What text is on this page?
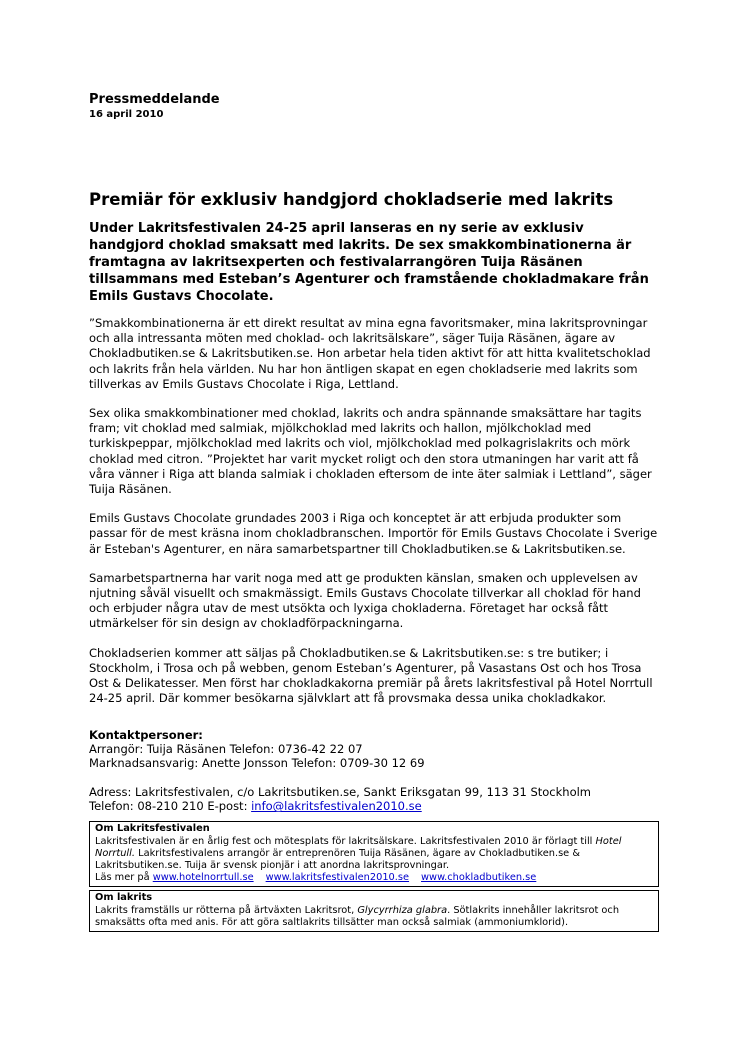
Pressmeddelande

16 april 2010

Premiär för exklusiv handgjord chokladserie med lakrits

Under Lakritsfestivalen 24-25 april lanseras en ny serie av exklusiv handgjord choklad smaksatt med lakrits. De sex smakkombinationerna är framtagna av lakritsexperten och festivalarrangören Tuija Räsänen tillsammans med Esteban’s Agenturer och framstående chokladmakare från Emils Gustavs Chocolate.

”Smakkombinationerna är ett direkt resultat av mina egna favoritsmaker, mina lakritsprovningar och alla intressanta möten med choklad- och lakritsälskare”, säger Tuija Räsänen, ägare av Chokladbutiken.se & Lakritsbutiken.se. Hon arbetar hela tiden aktivt för att hitta kvalitetschoklad och lakrits från hela världen. Nu har hon äntligen skapat en egen chokladserie med lakrits som tillverkas av Emils Gustavs Chocolate i Riga, Lettland.

Sex olika smakkombinationer med choklad, lakrits och andra spännande smaksättare har tagits fram; vit choklad med salmiak, mjölkchoklad med lakrits och hallon, mjölkchoklad med turkiskpeppar, mjölkchoklad med lakrits och viol, mjölkchoklad med polkagrislakrits och mörk choklad med citron. ”Projektet har varit mycket roligt och den stora utmaningen har varit att få våra vänner i Riga att blanda salmiak i chokladen eftersom de inte äter salmiak i Lettland”, säger Tuija Räsänen.

Emils Gustavs Chocolate grundades 2003 i Riga och konceptet är att erbjuda produkter som passar för de mest kräsna inom chokladbranschen. Importör för Emils Gustavs Chocolate i Sverige är Esteban's Agenturer, en nära samarbetspartner till Chokladbutiken.se & Lakritsbutiken.se.

Samarbetspartnerna har varit noga med att ge produkten känslan, smaken och upplevelsen av njutning såväl visuellt och smakmässigt. Emils Gustavs Chocolate tillverkar all choklad för hand och erbjuder några utav de mest utsökta och lyxiga chokladerna. Företaget har också fått utmärkelser för sin design av chokladförpackningarna.

Chokladserien kommer att säljas på Chokladbutiken.se & Lakritsbutiken.se: s tre butiker; i Stockholm, i Trosa och på webben, genom Esteban’s Agenturer, på Vasastans Ost och hos Trosa Ost & Delikatesser. Men först har chokladkakorna premiär på årets lakritsfestival på Hotel Norrtull 24-25 april. Där kommer besökarna självklart att få provsmaka dessa unika chokladkakor.

Kontaktpersoner:
Arrangör: Tuija Räsänen Telefon: 0736-42 22 07
Marknadsansvarig: Anette Jonsson Telefon: 0709-30 12 69
Adress: Lakritsfestivalen, c/o Lakritsbutiken.se, Sankt Eriksgatan 99, 113 31 Stockholm
Telefon: 08-210 210 E-post: info@lakritsfestivalen2010.se
Om Lakritsfestivalen
Lakritsfestivalen är en årlig fest och mötesplats för lakritsälskare. Lakritsfestivalen 2010 är förlagt till Hotel Norrtull. Lakritsfestivalens arrangör är entreprenören Tuija Räsänen, ägare av Chokladbutiken.se & Lakritsbutiken.se. Tuija är svensk pionjär i att anordna lakritsprovningar.
Läs mer på www.hotelnorrtull.se www.lakritsfestivalen2010.se www.chokladbutiken.se
Om lakrits
Lakrits framställs ur rötterna på ärtväxten Lakritsrot, Glycyrrhiza glabra. Sötlakrits innehåller lakritsrot och smaksätts ofta med anis. För att göra saltlakrits tillsätter man också salmiak (ammoniumklorid).
